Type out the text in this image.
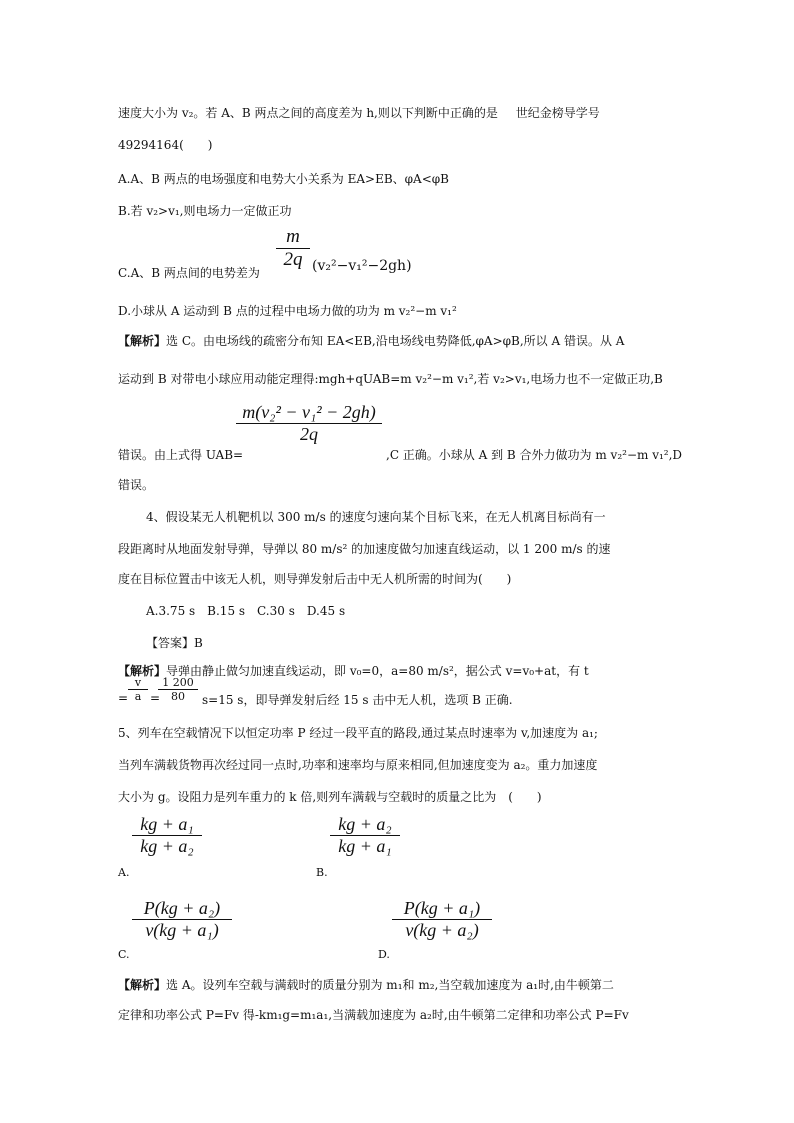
速度大小为 v₂。若 A、B 两点之间的高度差为 h,则以下判断中正确的是 世纪金榜导学号
49294164(　　)
A.A、B 两点的电场强度和电势大小关系为 EA>EB、φA<φB
B.若 v₂>v₁,则电场力一定做正功
m
2q
C.A、B 两点间的电势差为	(v₂²−v₁²−2gh)
D.小球从 A 运动到 B 点的过程中电场力做的功为 m v₂²−m v₁²
【解析】选 C。由电场线的疏密分布知 EA<EB,沿电场线电势降低,φA>φB,所以 A 错误。从 A
运动到 B 对带电小球应用动能定理得:mgh+qUAB=m v₂²−m v₁²,若 v₂>v₁,电场力也不一定做正功,B
m(v₂² − v₁² − 2gh)
2q
错误。由上式得 UAB=	,C 正确。小球从 A 到 B 合外力做功为 m v₂²−m v₁²,D
错误。
4、假设某无人机靶机以 300 m/s 的速度匀速向某个目标飞来，在无人机离目标尚有一
段距离时从地面发射导弹，导弹以 80 m/s² 的加速度做匀加速直线运动，以 1 200 m/s 的速
度在目标位置击中该无人机，则导弹发射后击中无人机所需的时间为(　　)
A.3.75 s　B.15 s　C.30 s　D.45 s
【答案】B
【解析】导弹由静止做匀加速直线运动，即 v₀=0，a=80 m/s²，据公式 v=v₀+at，有 t
=
v
a =
1 200
80	s=15 s，即导弹发射后经 15 s 击中无人机，选项 B 正确.
5、列车在空载情况下以恒定功率 P 经过一段平直的路段,通过某点时速率为 v,加速度为 a₁;
当列车满载货物再次经过同一点时,功率和速率均与原来相同,但加速度变为 a₂。重力加速度
大小为 g。设阻力是列车重力的 k 倍,则列车满载与空载时的质量之比为　(　　)
A.
kg + a₁
kg + a₂
B.
kg + a₂
kg + a₁
C.
P(kg + a₂)
v(kg + a₁)
D.
P(kg + a₁)
v(kg + a₂)
【解析】选 A。设列车空载与满载时的质量分别为 m₁和 m₂,当空载加速度为 a₁时,由牛顿第二
定律和功率公式 P=Fv 得-km₁g=m₁a₁,当满载加速度为 a₂时,由牛顿第二定律和功率公式 P=Fv
